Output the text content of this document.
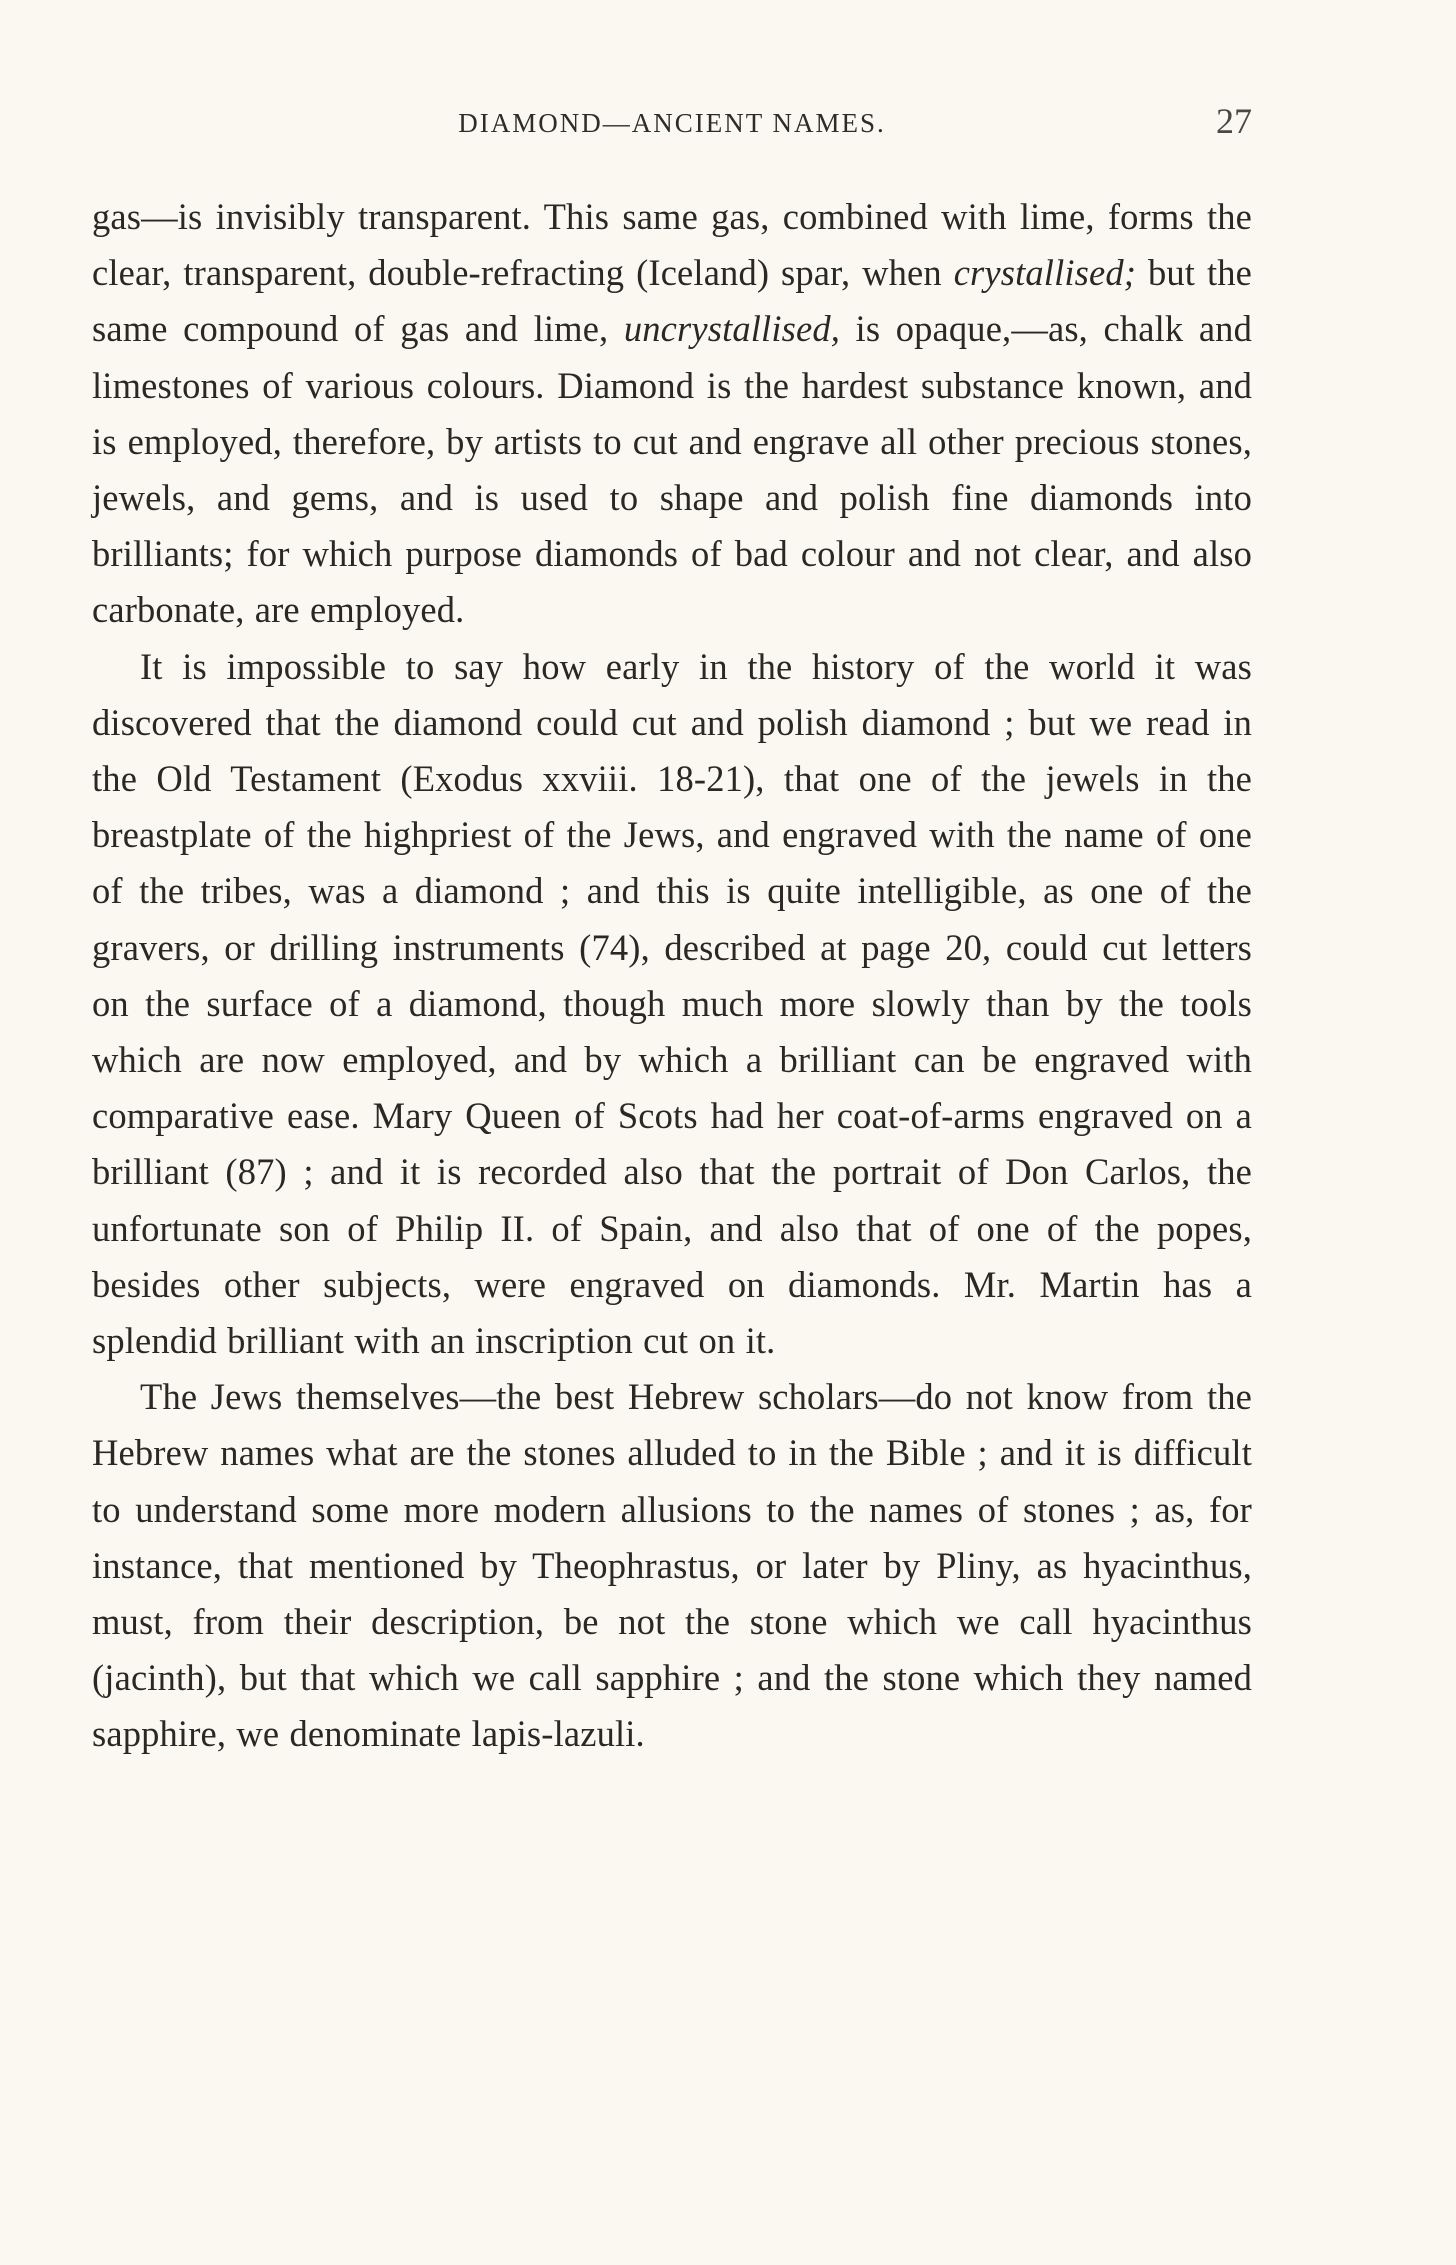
DIAMOND—ANCIENT NAMES.	27

gas—is invisibly transparent. This same gas, combined with lime, forms the clear, transparent, double-refracting (Iceland) spar, when crystallised; but the same compound of gas and lime, uncrystallised, is opaque,—as, chalk and limestones of various colours. Diamond is the hardest substance known, and is employed, therefore, by artists to cut and engrave all other precious stones, jewels, and gems, and is used to shape and polish fine diamonds into brilliants; for which purpose diamonds of bad colour and not clear, and also carbonate, are employed.

It is impossible to say how early in the history of the world it was discovered that the diamond could cut and polish diamond ; but we read in the Old Testament (Exodus xxviii. 18-21), that one of the jewels in the breastplate of the highpriest of the Jews, and engraved with the name of one of the tribes, was a diamond ; and this is quite intelligible, as one of the gravers, or drilling instruments (74), described at page 20, could cut letters on the surface of a diamond, though much more slowly than by the tools which are now employed, and by which a brilliant can be engraved with comparative ease. Mary Queen of Scots had her coat-of-arms engraved on a brilliant (87) ; and it is recorded also that the portrait of Don Carlos, the unfortunate son of Philip II. of Spain, and also that of one of the popes, besides other subjects, were engraved on diamonds. Mr. Martin has a splendid brilliant with an inscription cut on it.

The Jews themselves—the best Hebrew scholars—do not know from the Hebrew names what are the stones alluded to in the Bible ; and it is difficult to understand some more modern allusions to the names of stones ; as, for instance, that mentioned by Theophrastus, or later by Pliny, as hyacinthus, must, from their description, be not the stone which we call hyacinthus (jacinth), but that which we call sapphire ; and the stone which they named sapphire, we denominate lapis-lazuli.
